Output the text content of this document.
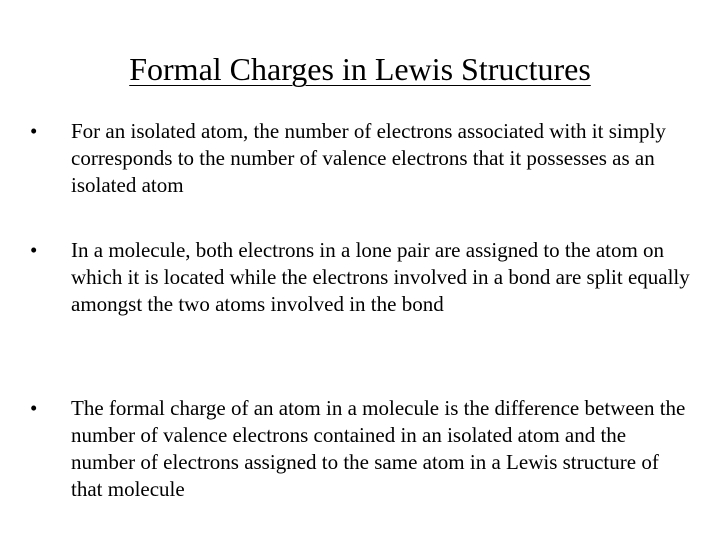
Formal Charges in Lewis Structures
•	For an isolated atom, the number of electrons associated with it simply corresponds to the number of valence electrons that it possesses as an isolated atom
•	In a molecule, both electrons in a lone pair are assigned to the atom on which it is located while the electrons involved in a bond are split equally amongst the two atoms involved in the bond
•	The formal charge of an atom in a molecule is the difference between the number of valence electrons contained in an isolated atom and the number of electrons assigned to the same atom in a Lewis structure of that molecule
